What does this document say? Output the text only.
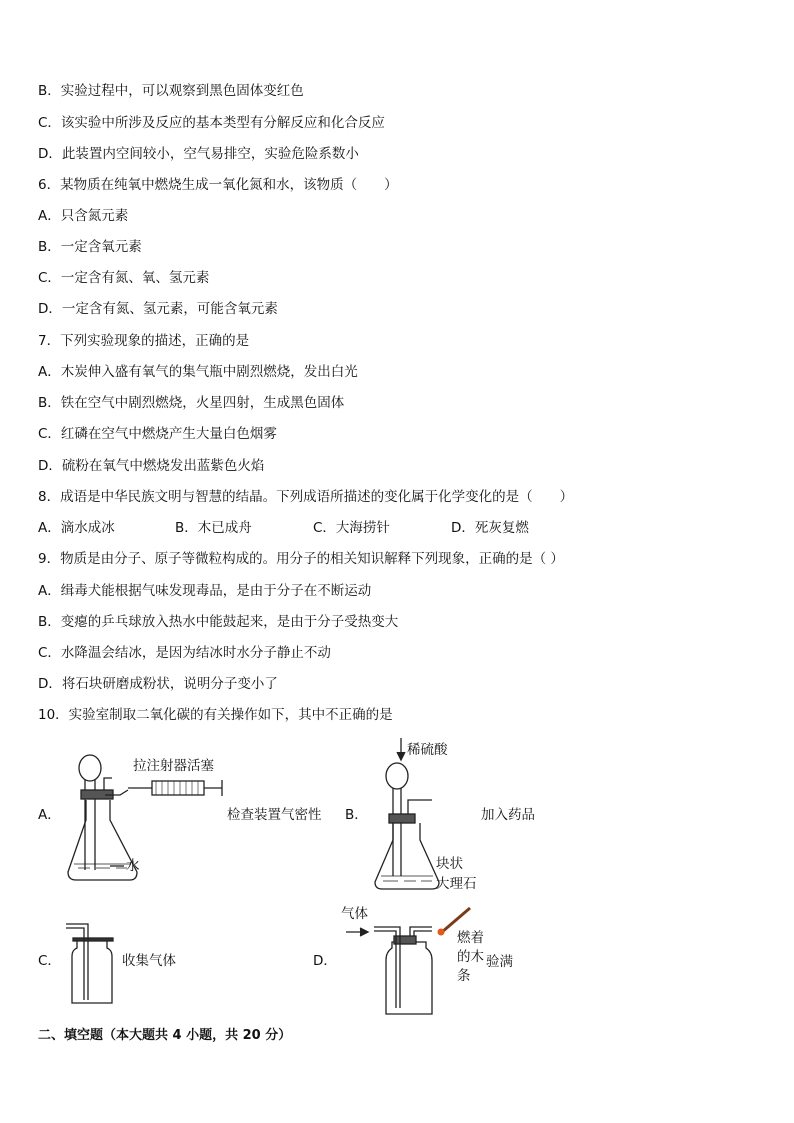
B．实验过程中，可以观察到黑色固体变红色
C．该实验中所涉及反应的基本类型有分解反应和化合反应
D．此装置内空间较小，空气易排空，实验危险系数小
6．某物质在纯氧中燃烧生成一氧化氮和水，该物质（　　）
A．只含氮元素
B．一定含氧元素
C．一定含有氮、氧、氢元素
D．一定含有氮、氢元素，可能含氧元素
7．下列实验现象的描述，正确的是
A．木炭伸入盛有氧气的集气瓶中剧烈燃烧，发出白光
B．铁在空气中剧烈燃烧，火星四射，生成黑色固体
C．红磷在空气中燃烧产生大量白色烟雾
D．硫粉在氧气中燃烧发出蓝紫色火焰
8．成语是中华民族文明与智慧的结晶。下列成语所描述的变化属于化学变化的是（　　）
A．滴水成冰	B．木已成舟	C．大海捞针	D．死灰复燃
9．物质是由分子、原子等微粒构成的。用分子的相关知识解释下列现象，正确的是（ ）
A．缉毒犬能根据气味发现毒品，是由于分子在不断运动
B．变瘪的乒乓球放入热水中能鼓起来，是由于分子受热变大
C．水降温会结冰，是因为结冰时水分子静止不动
D．将石块研磨成粉状，说明分子变小了
10．实验室制取二氧化碳的有关操作如下，其中不正确的是
A．
拉注射器活塞
检查装置气密性
水
B．
稀硫酸
加入药品
块状
大理石
C．	收集气体	D．
气体
燃着
的木
条
验满
二、填空题（本大题共 4 小题，共 20 分）
